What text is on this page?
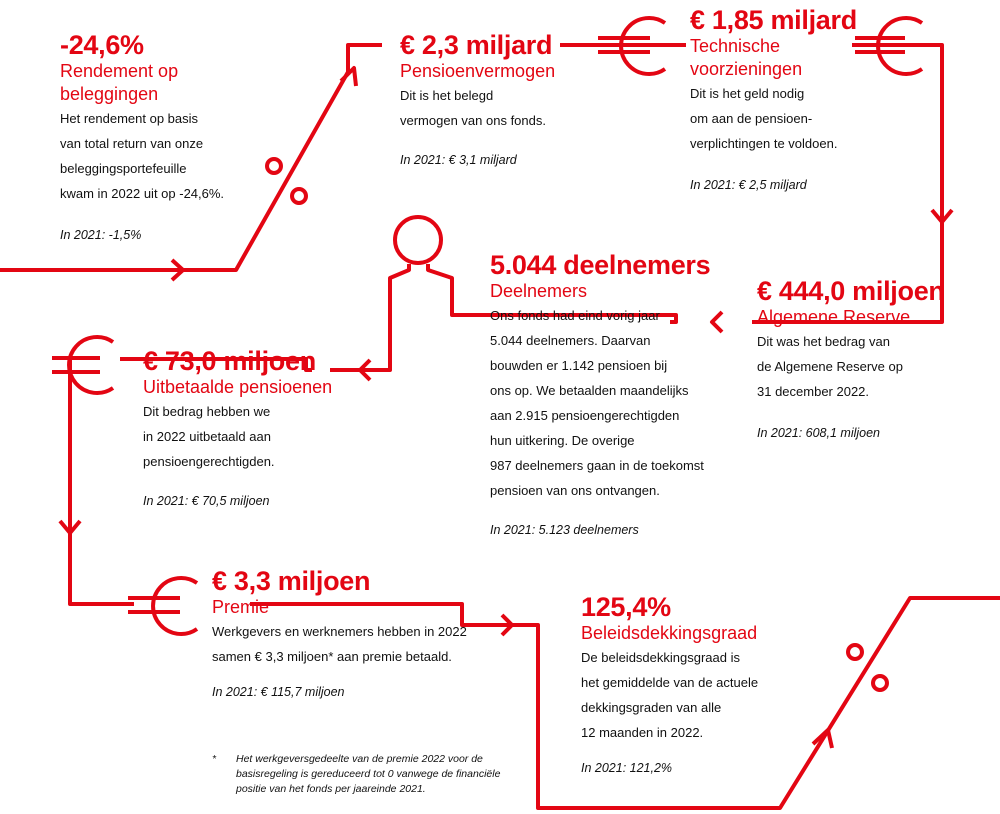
-24,6%
Rendement op
beleggingen
Het rendement op basis
van total return van onze
beleggingsportefeuille
kwam in 2022 uit op -24,6%.
In 2021: -1,5%
€ 2,3 miljard
Pensioenvermogen
Dit is het belegd
vermogen van ons fonds.
In 2021: € 3,1 miljard
€ 1,85 miljard
Technische
voorzieningen
Dit is het geld nodig
om aan de pensioen-
verplichtingen te voldoen.
In 2021: € 2,5 miljard
€ 444,0 miljoen
Algemene Reserve
Dit was het bedrag van
de Algemene Reserve op
31 december 2022.
In 2021: 608,1 miljoen
5.044 deelnemers
Deelnemers
Ons fonds had eind vorig jaar
5.044 deelnemers. Daarvan
bouwden er 1.142 pensioen bij
ons op. We betaalden maandelijks
aan 2.915 pensioengerechtigden
hun uitkering. De overige
987 deelnemers gaan in de toekomst
pensioen van ons ontvangen.
In 2021: 5.123 deelnemers
€ 73,0 miljoen
Uitbetaalde pensioenen
Dit bedrag hebben we
in 2022 uitbetaald aan
pensioengerechtigden.
In 2021: € 70,5 miljoen
€ 3,3 miljoen
Premie
Werkgevers en werknemers hebben in 2022
samen € 3,3 miljoen* aan premie betaald.
In 2021: € 115,7 miljoen
125,4%
Beleidsdekkingsgraad
De beleidsdekkingsgraad is
het gemiddelde van de actuele
dekkingsgraden van alle
12 maanden in 2022.
In 2021: 121,2%
* Het werkgeversgedeelte van de premie 2022 voor de basisregeling is gereduceerd tot 0 vanwege de financiële positie van het fonds per jaareinde 2021.
